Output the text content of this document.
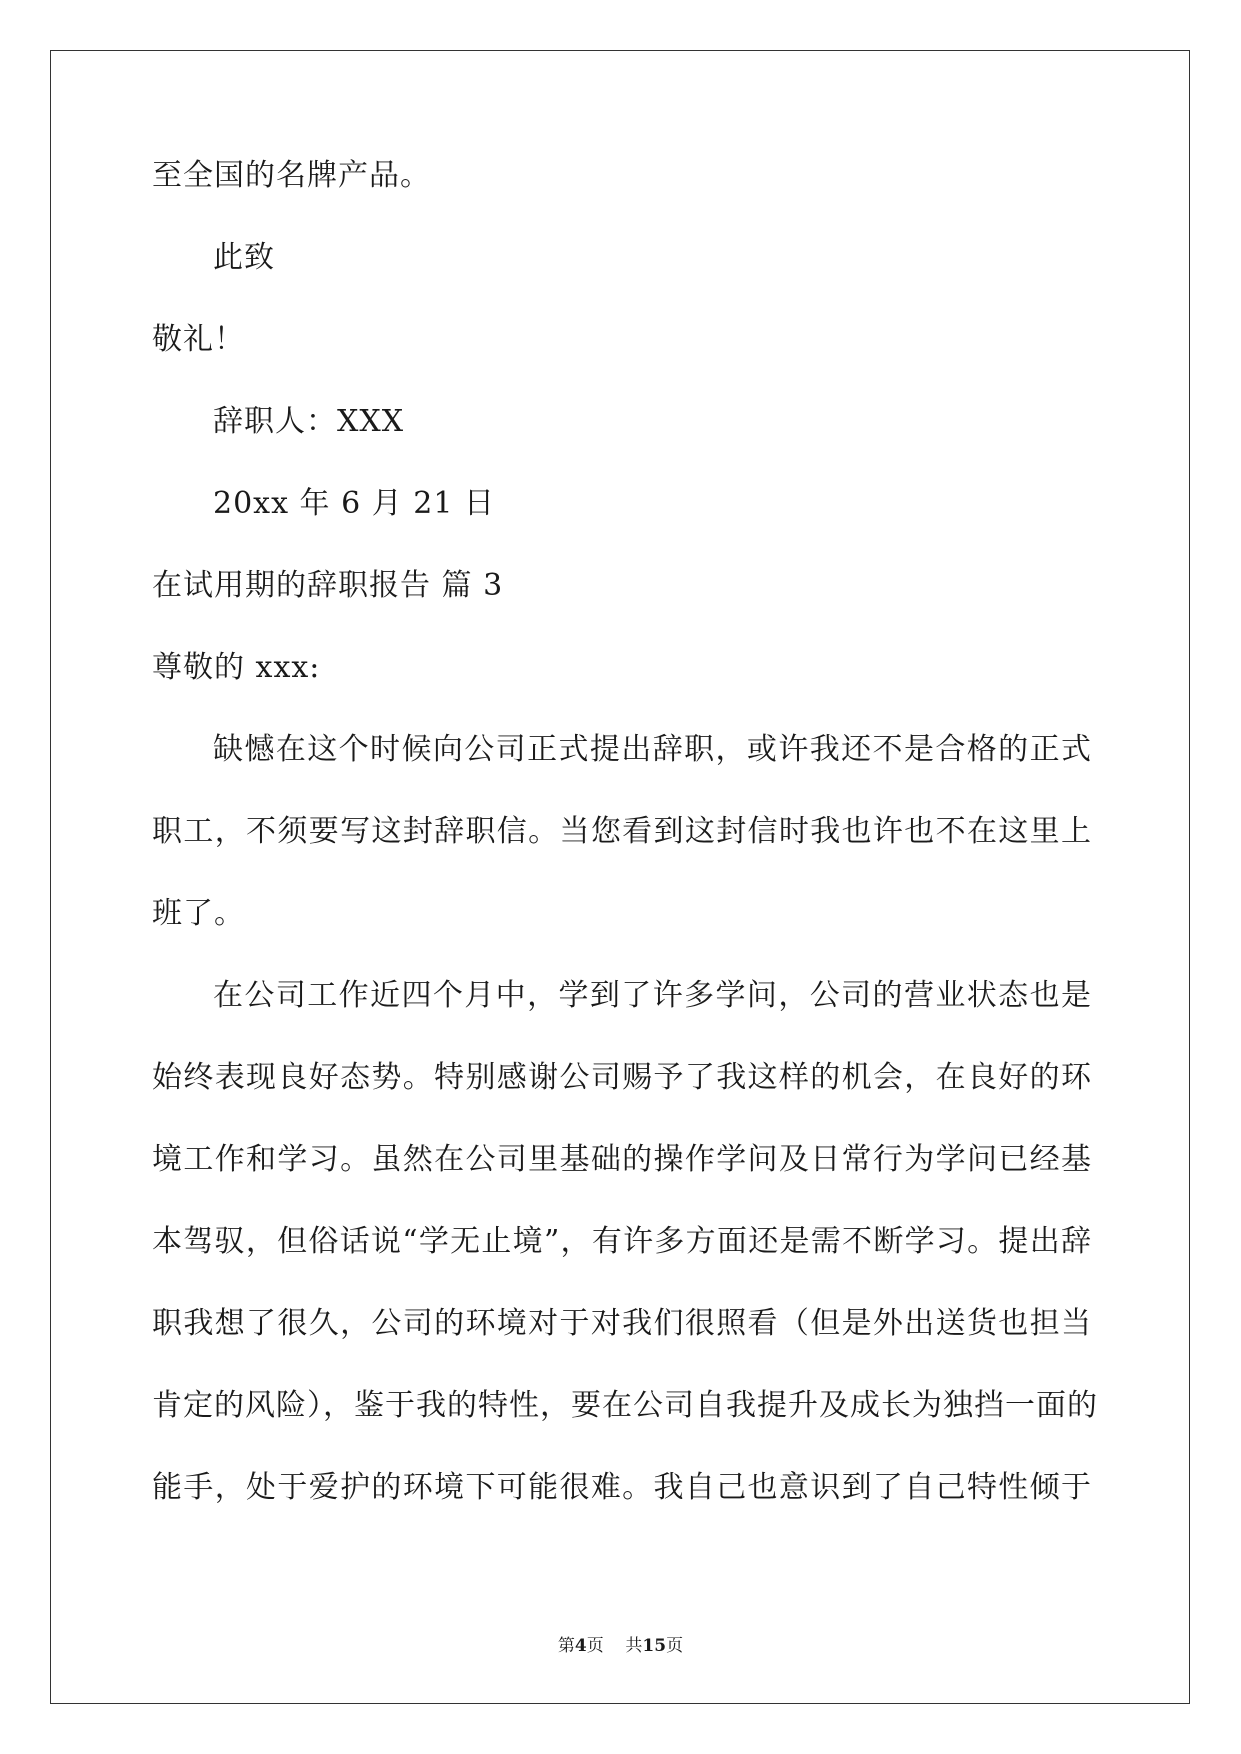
至全国的名牌产品。
此致
敬礼！
辞职人：XXX
20xx 年 6 月 21 日
在试用期的辞职报告 篇 3
尊敬的 xxx:
缺憾在这个时候向公司正式提出辞职，或许我还不是合格的正式
职工，不须要写这封辞职信。当您看到这封信时我也许也不在这里上
班了。
在公司工作近四个月中，学到了许多学问，公司的营业状态也是
始终表现良好态势。特别感谢公司赐予了我这样的机会，在良好的环
境工作和学习。虽然在公司里基础的操作学问及日常行为学问已经基
本驾驭，但俗话说“学无止境”，有许多方面还是需不断学习。提出辞
职我想了很久，公司的环境对于对我们很照看（但是外出送货也担当
肯定的风险），鉴于我的特性，要在公司自我提升及成长为独挡一面的
能手，处于爱护的环境下可能很难。我自己也意识到了自己特性倾于
第4页 共15页
